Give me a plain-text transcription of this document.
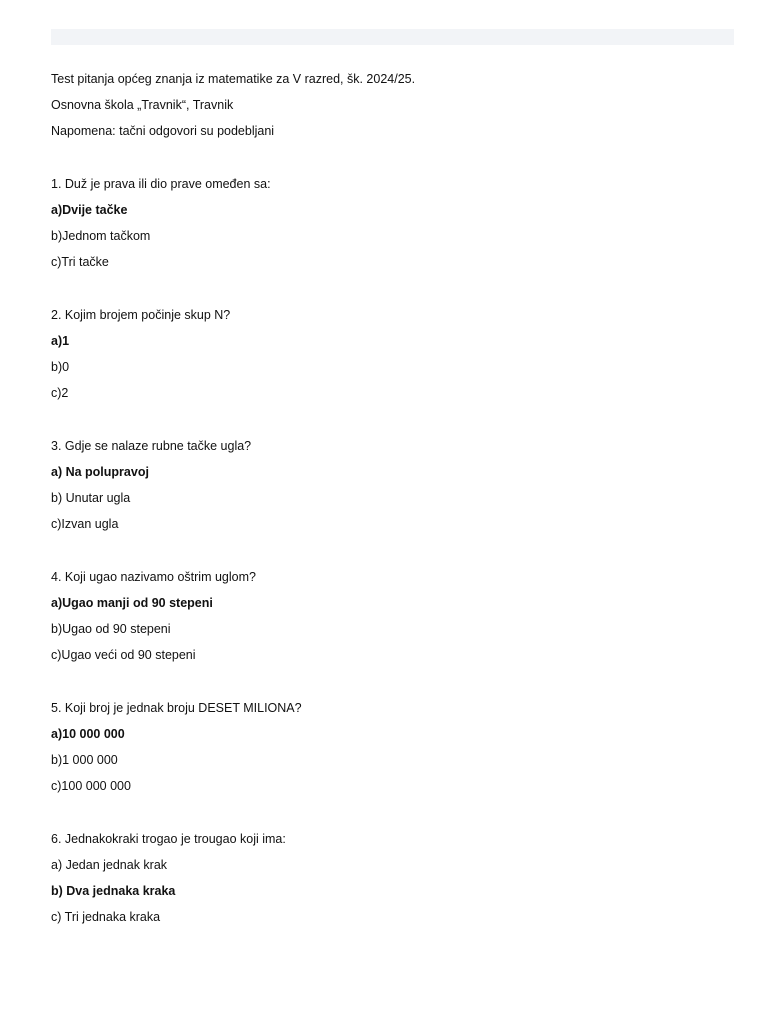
Test pitanja općeg znanja iz matematike za V razred, šk. 2024/25.
Osnovna škola „Travnik“, Travnik
Napomena: tačni odgovori su podebljani
1. Duž je prava ili dio prave omeđen sa:
a)Dvije tačke
b)Jednom tačkom
c)Tri tačke
2. Kojim brojem počinje skup N?
a)1
b)0
c)2
3. Gdje se nalaze rubne tačke ugla?
a) Na polupravoj
b) Unutar ugla
c)Izvan ugla
4. Koji ugao nazivamo oštrim uglom?
a)Ugao manji od 90 stepeni
b)Ugao od 90 stepeni
c)Ugao veći od 90 stepeni
5. Koji broj je jednak broju DESET MILIONA?
a)10 000 000
b)1 000 000
c)100 000 000
6. Jednakokraki trogao je trougao koji ima:
a) Jedan jednak krak
b) Dva jednaka kraka
c) Tri jednaka kraka
